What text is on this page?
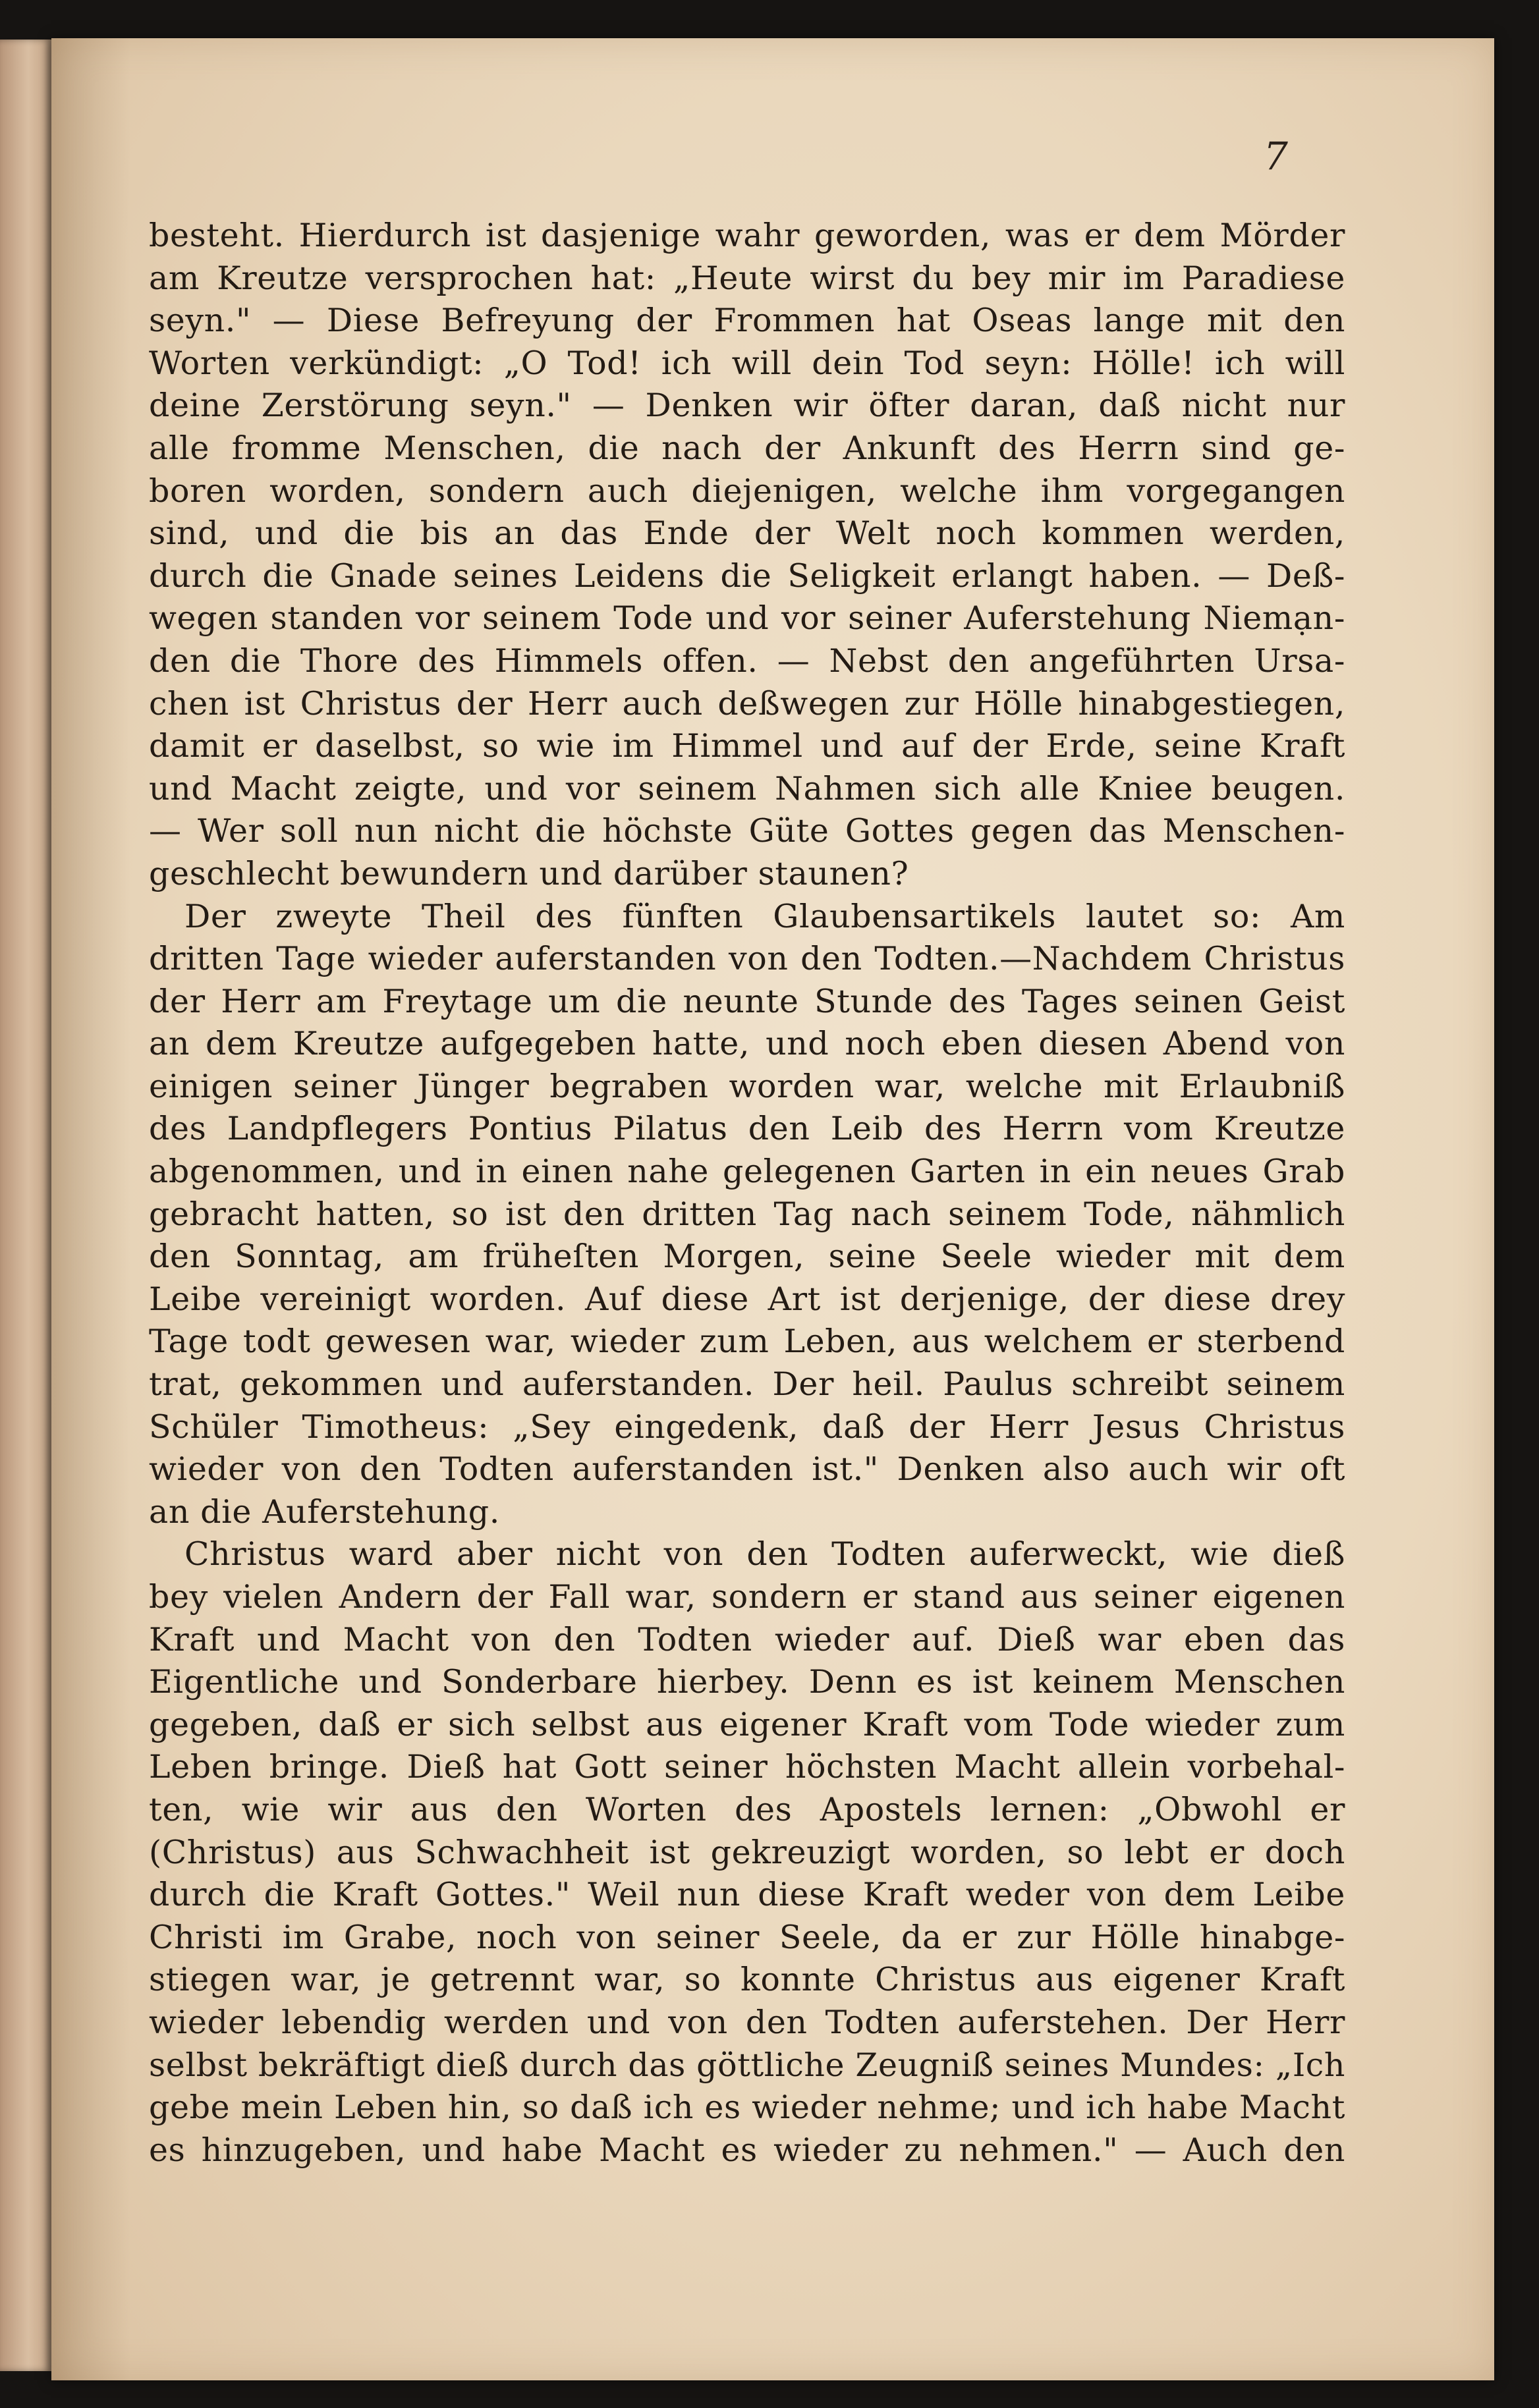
7
besteht. Hierdurch ist dasjenige wahr geworden, was er dem Mörder
am Kreutze versprochen hat: „Heute wirst du bey mir im Paradiese
seyn." — Diese Befreyung der Frommen hat Oseas lange mit den
Worten verkündigt: „O Tod! ich will dein Tod seyn: Hölle! ich will
deine Zerstörung seyn." — Denken wir öfter daran, daß nicht nur
alle fromme Menschen, die nach der Ankunft des Herrn sind ge-
boren worden, sondern auch diejenigen, welche ihm vorgegangen
sind, und die bis an das Ende der Welt noch kommen werden,
durch die Gnade seines Leidens die Seligkeit erlangt haben. — Deß-
wegen standen vor seinem Tode und vor seiner Auferstehung Niemạn-
den die Thore des Himmels offen. — Nebst den angeführten Ursa-
chen ist Christus der Herr auch deßwegen zur Hölle hinabgestiegen,
damit er daselbst, so wie im Himmel und auf der Erde, seine Kraft
und Macht zeigte, und vor seinem Nahmen sich alle Kniee beugen.
— Wer soll nun nicht die höchste Güte Gottes gegen das Menschen-
geschlecht bewundern und darüber staunen?
Der zweyte Theil des fünften Glaubensartikels lautet so: Am
dritten Tage wieder auferstanden von den Todten.—Nachdem Christus
der Herr am Freytage um die neunte Stunde des Tages seinen Geist
an dem Kreutze aufgegeben hatte, und noch eben diesen Abend von
einigen seiner Jünger begraben worden war, welche mit Erlaubniß
des Landpflegers Pontius Pilatus den Leib des Herrn vom Kreutze
abgenommen, und in einen nahe gelegenen Garten in ein neues Grab
gebracht hatten, so ist den dritten Tag nach seinem Tode, nähmlich
den Sonntag, am früheſten Morgen, seine Seele wieder mit dem
Leibe vereinigt worden. Auf diese Art ist derjenige, der diese drey
Tage todt gewesen war, wieder zum Leben, aus welchem er sterbend
trat, gekommen und auferstanden. Der heil. Paulus schreibt seinem
Schüler Timotheus: „Sey eingedenk, daß der Herr Jesus Christus
wieder von den Todten auferstanden ist." Denken also auch wir oft
an die Auferstehung.
Christus ward aber nicht von den Todten auferweckt, wie dieß
bey vielen Andern der Fall war, sondern er stand aus seiner eigenen
Kraft und Macht von den Todten wieder auf. Dieß war eben das
Eigentliche und Sonderbare hierbey. Denn es ist keinem Menschen
gegeben, daß er sich selbst aus eigener Kraft vom Tode wieder zum
Leben bringe. Dieß hat Gott seiner höchsten Macht allein vorbehal-
ten, wie wir aus den Worten des Apostels lernen: „Obwohl er
(Christus) aus Schwachheit ist gekreuzigt worden, so lebt er doch
durch die Kraft Gottes." Weil nun diese Kraft weder von dem Leibe
Christi im Grabe, noch von seiner Seele, da er zur Hölle hinabge-
stiegen war, je getrennt war, so konnte Christus aus eigener Kraft
wieder lebendig werden und von den Todten auferstehen. Der Herr
selbst bekräftigt dieß durch das göttliche Zeugniß seines Mundes: „Ich
gebe mein Leben hin, so daß ich es wieder nehme; und ich habe Macht
es hinzugeben, und habe Macht es wieder zu nehmen." — Auch den
